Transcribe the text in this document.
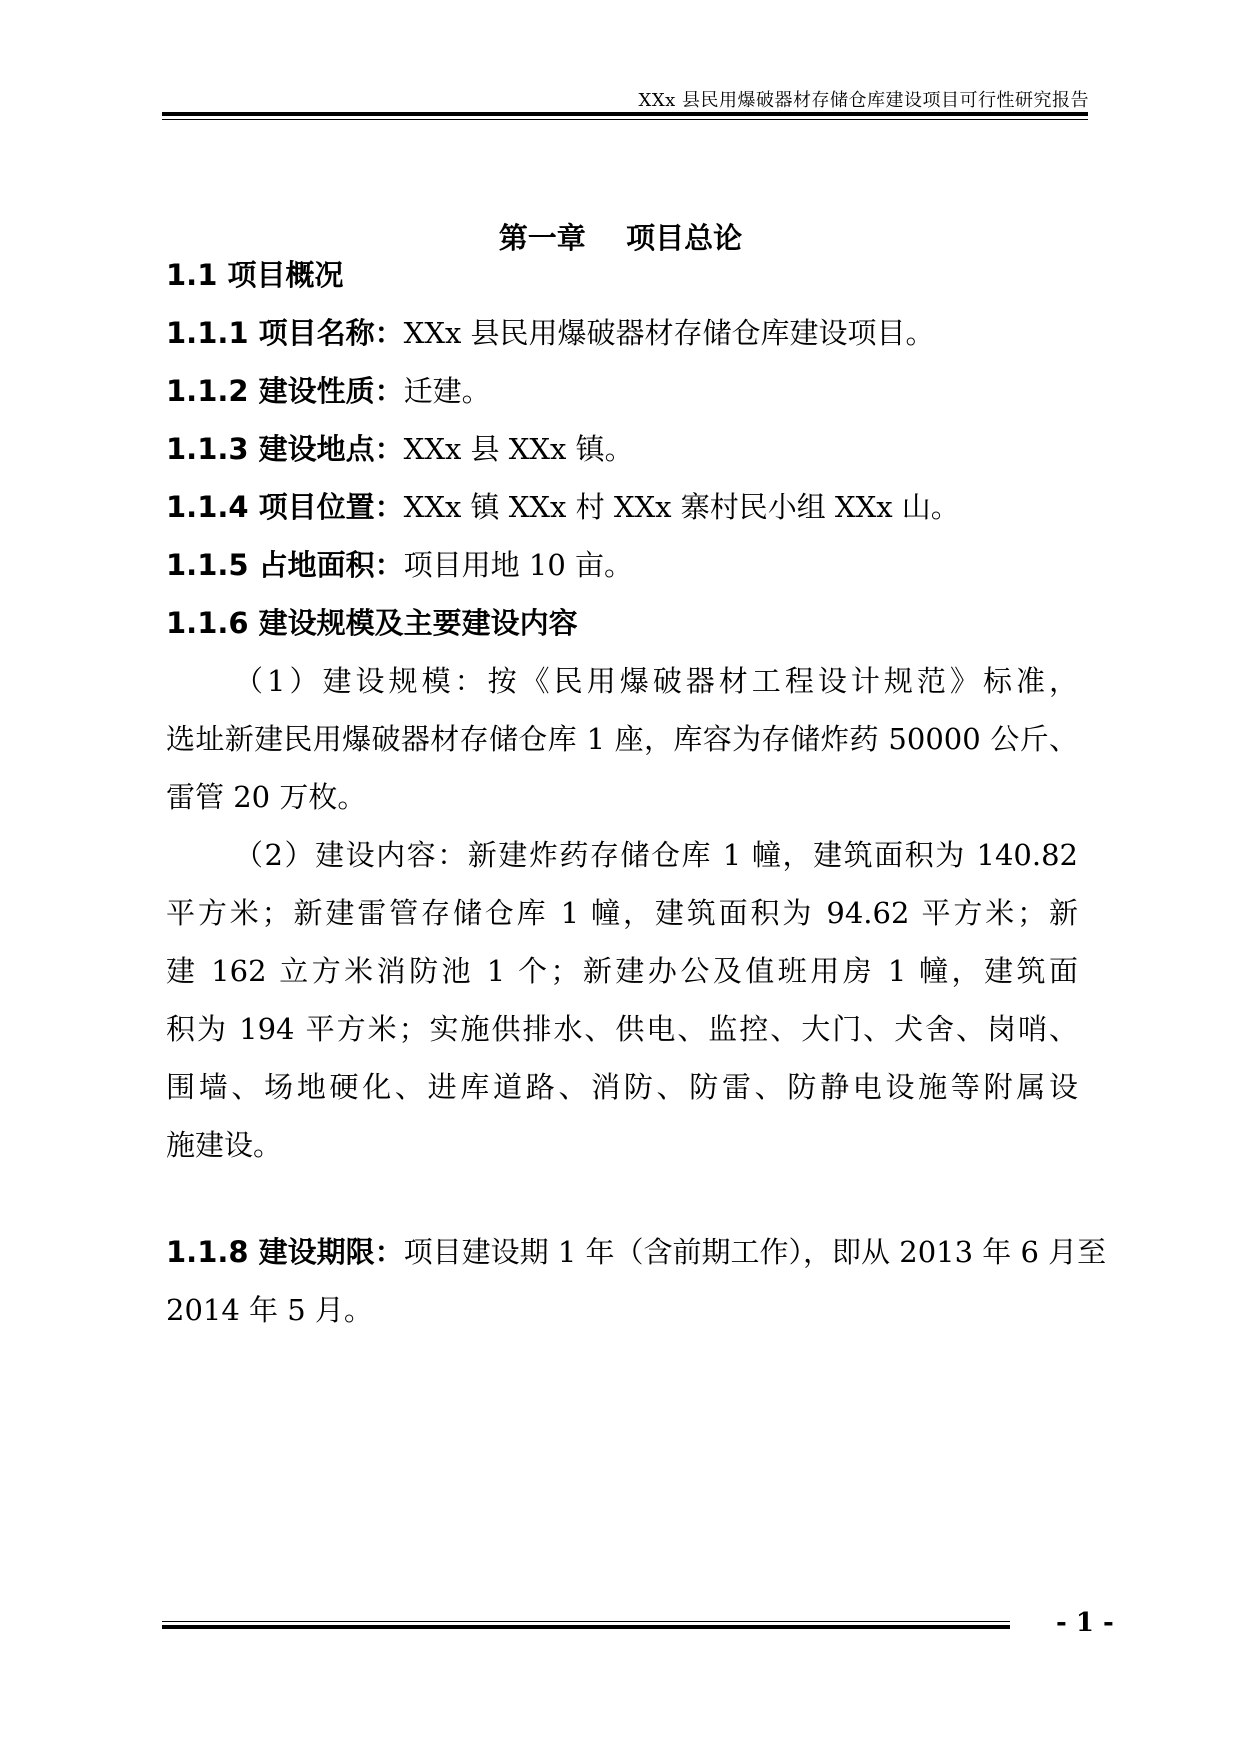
XXx 县民用爆破器材存储仓库建设项目可行性研究报告
第一章    项目总论
1.1 项目概况
1.1.1 项目名称：XXx 县民用爆破器材存储仓库建设项目。
1.1.2 建设性质：迁建。
1.1.3 建设地点：XXx 县 XXx 镇。
1.1.4 项目位置：XXx 镇 XXx 村 XXx 寨村民小组 XXx 山。
1.1.5 占地面积：项目用地 10 亩。
1.1.6 建设规模及主要建设内容
（1）建设规模：按《民用爆破器材工程设计规范》标准，
选址新建民用爆破器材存储仓库 1 座，库容为存储炸药 50000 公斤、
雷管 20 万枚。
（2）建设内容：新建炸药存储仓库 1 幢，建筑面积为 140.82
平方米；新建雷管存储仓库 1 幢，建筑面积为 94.62 平方米；新
建 162 立方米消防池 1 个；新建办公及值班用房 1 幢，建筑面
积为 194 平方米；实施供排水、供电、监控、大门、犬舍、岗哨、
围墙、场地硬化、进库道路、消防、防雷、防静电设施等附属设
施建设。
1.1.8 建设期限：项目建设期 1 年（含前期工作），即从 2013 年 6 月至
2014 年 5 月。
- 1 -
